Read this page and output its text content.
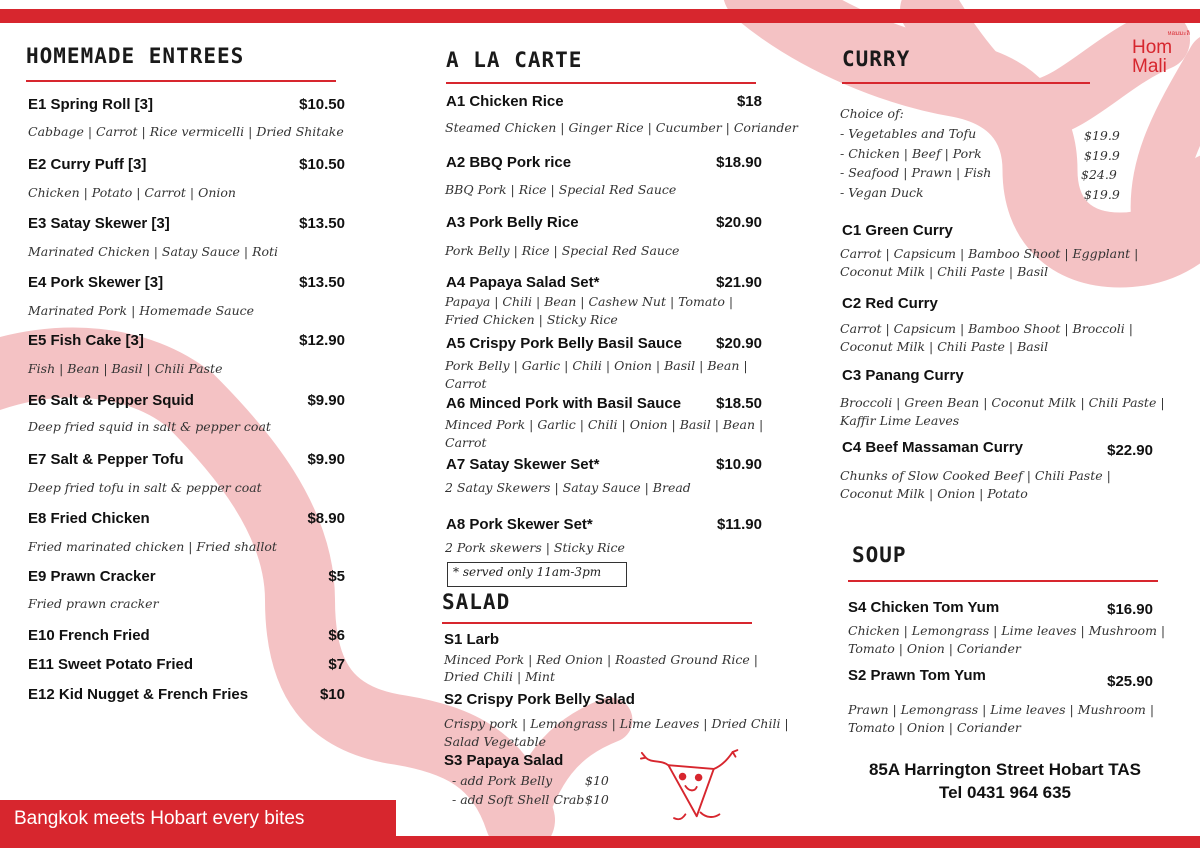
หอมมะลิ
Hom
Mali
HOMEMADE ENTREES
E1 Spring Roll [3]	$10.50
Cabbage | Carrot | Rice vermicelli | Dried Shitake
E2 Curry Puff [3]	$10.50
Chicken | Potato | Carrot | Onion
E3 Satay Skewer [3]	$13.50
Marinated Chicken | Satay Sauce | Roti
E4 Pork Skewer [3]	$13.50
Marinated Pork | Homemade Sauce
E5 Fish Cake [3]	$12.90
Fish | Bean | Basil | Chili Paste
E6 Salt & Pepper Squid	$9.90
Deep fried squid in salt & pepper coat
E7 Salt & Pepper Tofu	$9.90
Deep fried tofu in salt & pepper coat
E8 Fried Chicken	$8.90
Fried marinated chicken | Fried shallot
E9 Prawn Cracker	$5
Fried prawn cracker
E10 French Fried	$6
E11 Sweet Potato Fried	$7
E12 Kid Nugget & French Fries	$10
Bangkok meets Hobart every bites
A LA CARTE
A1 Chicken Rice	$18
Steamed Chicken | Ginger Rice | Cucumber | Coriander
A2 BBQ Pork rice	$18.90
BBQ Pork | Rice | Special Red Sauce
A3 Pork Belly Rice	$20.90
Pork Belly | Rice | Special Red Sauce
A4 Papaya Salad Set*	$21.90
Papaya | Chili | Bean | Cashew Nut | Tomato |
Fried Chicken | Sticky Rice
A5 Crispy Pork Belly Basil Sauce	$20.90
Pork Belly | Garlic | Chili | Onion | Basil | Bean |
Carrot
A6 Minced Pork with Basil Sauce	$18.50
Minced Pork | Garlic | Chili | Onion | Basil | Bean |
Carrot
A7 Satay Skewer Set*	$10.90
2 Satay Skewers | Satay Sauce | Bread
A8 Pork Skewer Set*	$11.90
2 Pork skewers | Sticky Rice
* served only 11am-3pm
SALAD
S1 Larb
Minced Pork | Red Onion | Roasted Ground Rice |
Dried Chili | Mint
S2 Crispy Pork Belly Salad
Crispy pork | Lemongrass | Lime Leaves | Dried Chili |
Salad Vegetable
S3 Papaya Salad
- add Pork Belly	$10
- add Soft Shell Crab $10
CURRY
Choice of:
- Vegetables and Tofu	$19.9
- Chicken | Beef | Pork	$19.9
- Seafood | Prawn | Fish	$24.9
- Vegan Duck	$19.9
C1 Green Curry
Carrot | Capsicum | Bamboo Shoot | Eggplant |
Coconut Milk | Chili Paste | Basil
C2 Red Curry
Carrot | Capsicum | Bamboo Shoot | Broccoli |
Coconut Milk | Chili Paste | Basil
C3 Panang Curry
Broccoli | Green Bean | Coconut Milk | Chili Paste |
Kaffir Lime Leaves
C4 Beef Massaman Curry	$22.90
Chunks of Slow Cooked Beef | Chili Paste |
Coconut Milk | Onion | Potato
SOUP
S4 Chicken Tom Yum	$16.90
Chicken | Lemongrass | Lime leaves | Mushroom |
Tomato | Onion | Coriander
S2 Prawn Tom Yum	$25.90
Prawn | Lemongrass | Lime leaves | Mushroom |
Tomato | Onion | Coriander
85A Harrington Street Hobart TAS
Tel 0431 964 635
